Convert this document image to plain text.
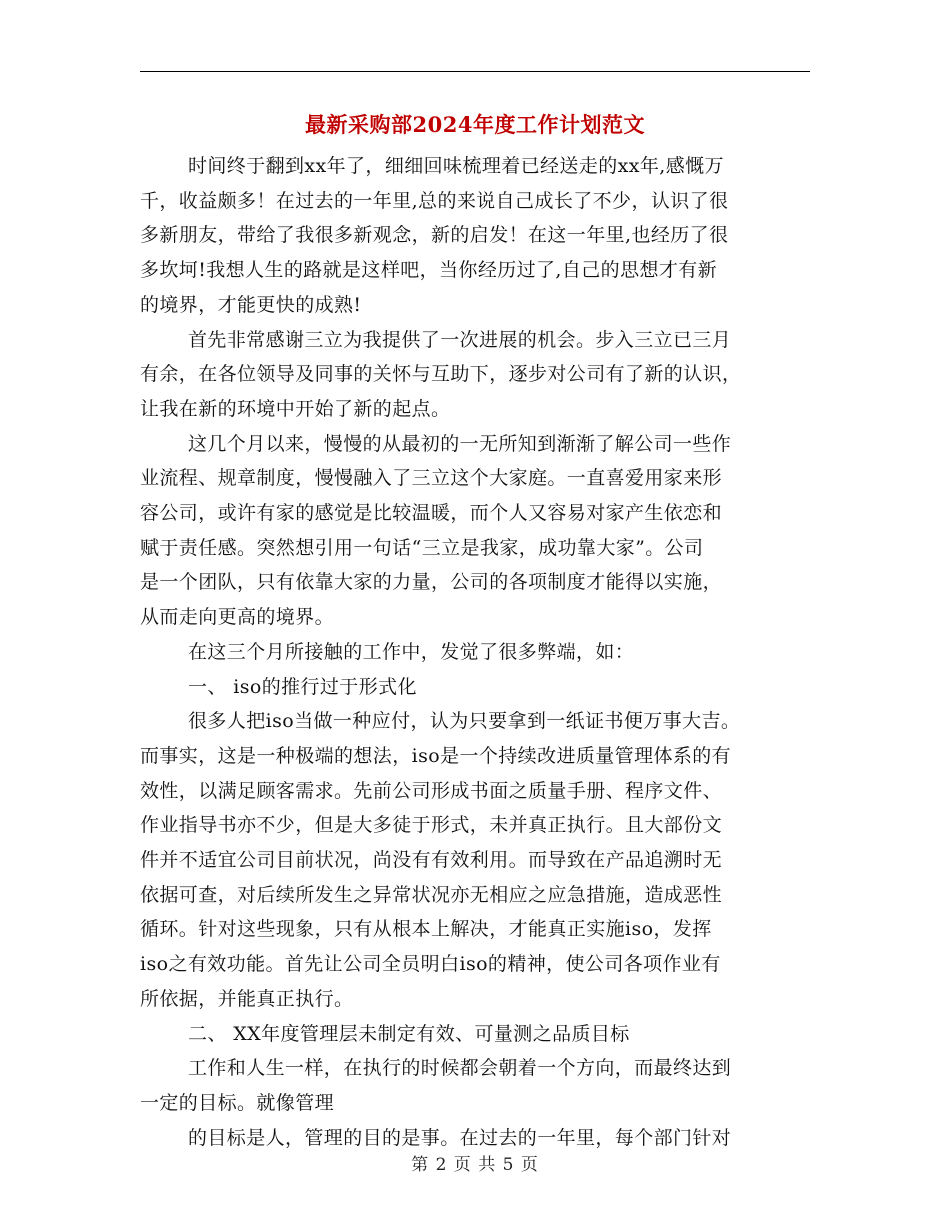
最新采购部2024年度工作计划范文
时间终于翻到xx年了，细细回味梳理着已经送走的xx年,感慨万
千，收益颇多！在过去的一年里,总的来说自己成长了不少，认识了很
多新朋友，带给了我很多新观念，新的启发！在这一年里,也经历了很
多坎坷!我想人生的路就是这样吧，当你经历过了,自己的思想才有新
的境界，才能更快的成熟!
首先非常感谢三立为我提供了一次进展的机会。步入三立已三月
有余，在各位领导及同事的关怀与互助下，逐步对公司有了新的认识，
让我在新的环境中开始了新的起点。
这几个月以来，慢慢的从最初的一无所知到渐渐了解公司一些作
业流程、规章制度，慢慢融入了三立这个大家庭。一直喜爱用家来形
容公司，或许有家的感觉是比较温暖，而个人又容易对家产生依恋和
赋于责任感。突然想引用一句话“三立是我家，成功靠大家”。公司
是一个团队，只有依靠大家的力量，公司的各项制度才能得以实施，
从而走向更高的境界。
在这三个月所接触的工作中，发觉了很多弊端，如：
一、 iso的推行过于形式化
很多人把iso当做一种应付，认为只要拿到一纸证书便万事大吉。
而事实，这是一种极端的想法，iso是一个持续改进质量管理体系的有
效性，以满足顾客需求。先前公司形成书面之质量手册、程序文件、
作业指导书亦不少，但是大多徒于形式，未并真正执行。且大部份文
件并不适宜公司目前状况，尚没有有效利用。而导致在产品追溯时无
依据可查，对后续所发生之异常状况亦无相应之应急措施，造成恶性
循环。针对这些现象，只有从根本上解决，才能真正实施iso，发挥
iso之有效功能。首先让公司全员明白iso的精神，使公司各项作业有
所依据，并能真正执行。
二、 XX年度管理层未制定有效、可量测之品质目标
工作和人生一样，在执行的时候都会朝着一个方向，而最终达到
一定的目标。就像管理
的目标是人，管理的目的是事。在过去的一年里，每个部门针对
第 2 页 共 5 页
